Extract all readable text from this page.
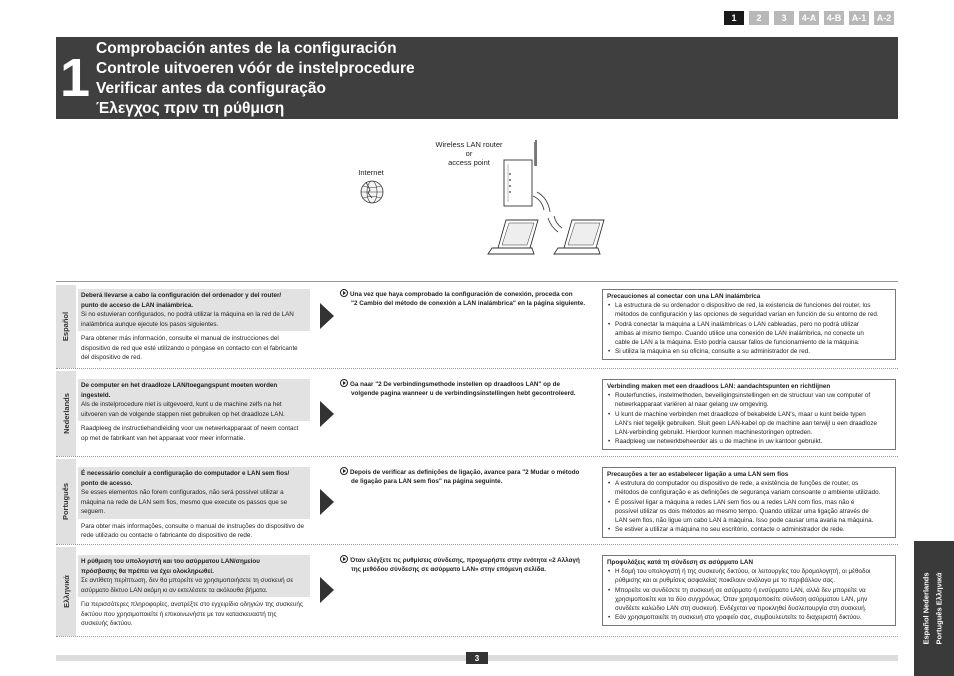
1	2	3	4-A	4-B	A-1	A-2
1 Comprobación antes de la configuración
Controle uitvoeren vóór de instelprocedure
Verificar antes da configuração
Έλεγχος πριν τη ρύθμιση
Wireless LAN router
or
access point
Internet
Español
Deberá llevarse a cabo la configuración del ordenador y del router/
punto de acceso de LAN inalámbrica.
Si no estuvieran configurados, no podrá utilizar la máquina en la red de LAN
inalámbrica aunque ejecute los pasos siguientes.
Para obtener más información, consulte el manual de instrucciones del
dispositivo de red que esté utilizando o póngase en contacto con el fabricante
del dispositivo de red.
Una vez que haya comprobado la configuración de conexión, proceda con
"2 Cambio del método de conexión a LAN inalámbrica" en la página siguiente.
Precauciones al conectar con una LAN inalámbrica
• La estructura de su ordenador o dispositivo de red, la existencia de funciones del router, los
métodos de configuración y las opciones de seguridad varían en función de su entorno de red.
• Podrá conectar la máquina a LAN inalámbricas o LAN cableadas, pero no podrá utilizar
ambas al mismo tiempo. Cuando utilice una conexión de LAN inalámbrica, no conecte un
cable de LAN a la máquina. Esto podría causar fallos de funcionamiento de la máquina.
• Si utiliza la máquina en su oficina, consulte a su administrador de red.
Nederlands
De computer en het draadloze LAN/toegangspunt moeten worden
ingesteld.
Als de instelprocedure niet is uitgevoerd, kunt u de machine zelfs na het
uitvoeren van de volgende stappen niet gebruiken op het draadloze LAN.
Raadpleeg de instructiehandleiding voor uw netwerkapparaat of neem contact
op met de fabrikant van het apparaat voor meer informatie.
Ga naar "2 De verbindingsmethode instellen op draadloos LAN" op de
volgende pagina wanneer u de verbindingsinstellingen hebt gecontroleerd.
Verbinding maken met een draadloos LAN: aandachtspunten en richtlijnen
• Routerfuncties, instelmethoden, beveiligingsinstellingen en de structuur van uw computer of
netwerkapparaat variëren al naar gelang uw omgeving.
• U kunt de machine verbinden met draadloze of bekabelde LAN's, maar u kunt beide typen
LAN's niet tegelijk gebruiken. Sluit geen LAN-kabel op de machine aan terwijl u een draadloze
LAN-verbinding gebruikt. Hierdoor kunnen machinestoringen optreden.
• Raadpleeg uw netwerkbeheerder als u de machine in uw kantoor gebruikt.
Português
É necessário concluir a configuração do computador e LAN sem fios/
ponto de acesso.
Se esses elementos não forem configurados, não será possível utilizar a
máquina na rede de LAN sem fios, mesmo que execute os passos que se
seguem.
Para obter mais informações, consulte o manual de instruções do dispositivo de
rede utilizado ou contacte o fabricante do dispositivo de rede.
Depois de verificar as definições de ligação, avance para "2 Mudar o método
de ligação para LAN sem fios" na página seguinte.
Precauções a ter ao estabelecer ligação a uma LAN sem fios
• A estrutura do computador ou dispositivo de rede, a existência de funções de router, os
métodos de configuração e as definições de segurança variam consoante o ambiente utilizado.
• É possível ligar a máquina a redes LAN sem fios ou a redes LAN com fios, mas não é
possível utilizar os dois métodos ao mesmo tempo. Quando utilizar uma ligação através de
LAN sem fios, não ligue um cabo LAN à máquina. Isso pode causar uma avaria na máquina.
• Se estiver a utilizar a máquina no seu escritório, contacte o administrador de rede.
Ελληνικά
Η ρύθμιση του υπολογιστή και του ασύρματου LAN/σημείου
πρόσβασης θα πρέπει να έχει ολοκληρωθεί.
Σε αντίθετη περίπτωση, δεν θα μπορείτε να χρησιμοποιήσετε τη συσκευή σε
ασύρματο δίκτυο LAN ακόμη κι αν εκτελέσετε τα ακόλουθα βήματα.
Για περισσότερες πληροφορίες, ανατρέξτε στο εγχειρίδιο οδηγιών της συσκευής
δικτύου που χρησιμοποιείτε ή επικοινωνήστε με τον κατασκευαστή της
συσκευής δικτύου.
Όταν ελέγξετε τις ρυθμίσεις σύνδεσης, προχωρήστε στην ενότητα «2 Αλλαγή
της μεθόδου σύνδεσης σε ασύρματο LAN» στην επόμενη σελίδα.
Προφυλάξεις κατά τη σύνδεση σε ασύρματο LAN
• Η δομή του υπολογιστή ή της συσκευής δικτύου, οι λειτουργίες του δρομολογητή, οι μέθοδοι
ρύθμισης και οι ρυθμίσεις ασφαλείας ποικίλουν ανάλογα με το περιβάλλον σας.
• Μπορείτε να συνδέσετε τη συσκευή σε ασύρματο ή ενσύρματο LAN, αλλά δεν μπορείτε να
χρησιμοποιείτε και τα δύο συγχρόνως. Όταν χρησιμοποιείτε σύνδεση ασύρματου LAN, μην
συνδέετε καλώδιο LAN στη συσκευή. Ενδέχεται να προκληθεί δυσλειτουργία στη συσκευή.
• Εάν χρησιμοποιείτε τη συσκευή στο γραφείο σας, συμβουλευτείτε το διαχειριστή δικτύου.
3
Español Nederlands Português Ελληνικά
